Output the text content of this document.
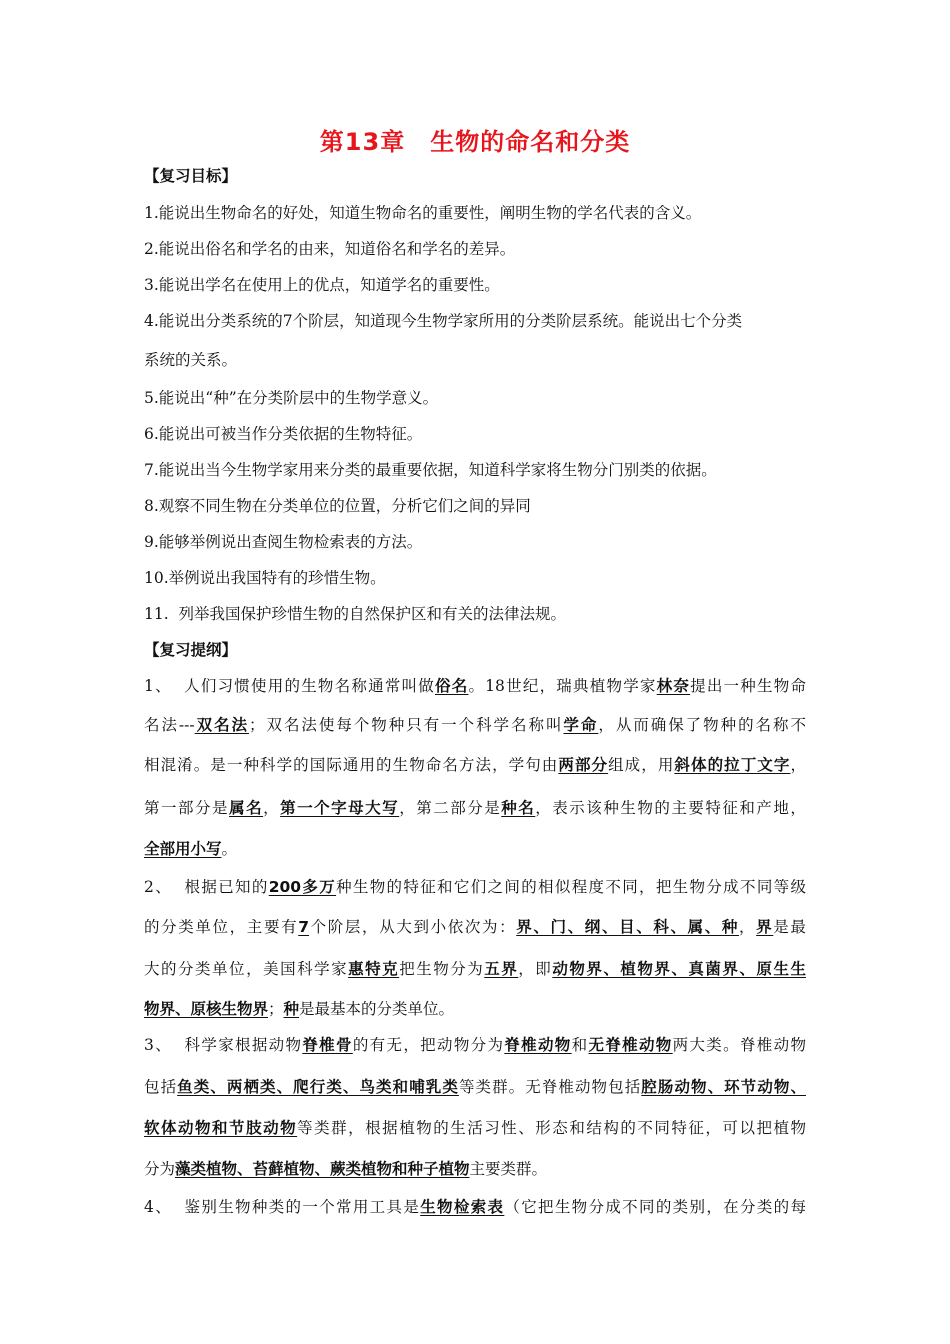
第13章　生物的命名和分类
【复习目标】
1.能说出生物命名的好处，知道生物命名的重要性，阐明生物的学名代表的含义。
2.能说出俗名和学名的由来，知道俗名和学名的差异。
3.能说出学名在使用上的优点，知道学名的重要性。
4.能说出分类系统的7个阶层，知道现今生物学家所用的分类阶层系统。能说出七个分类
系统的关系。
5.能说出“种”在分类阶层中的生物学意义。
6.能说出可被当作分类依据的生物特征。
7.能说出当今生物学家用来分类的最重要依据，知道科学家将生物分门别类的依据。
8.观察不同生物在分类单位的位置，分析它们之间的异同
9.能够举例说出查阅生物检索表的方法。
10.举例说出我国特有的珍惜生物。
11.  列举我国保护珍惜生物的自然保护区和有关的法律法规。
【复习提纲】
1、  人们习惯使用的生物名称通常叫做俗名。18世纪，瑞典植物学家林奈提出一种生物命
名法---双名法；双名法使每个物种只有一个科学名称叫学命，从而确保了物种的名称不
相混淆。是一种科学的国际通用的生物命名方法，学句由两部分组成，用斜体的拉丁文字，
第一部分是属名，第一个字母大写，第二部分是种名，表示该种生物的主要特征和产地，
全部用小写。
2、  根据已知的200多万种生物的特征和它们之间的相似程度不同，把生物分成不同等级
的分类单位，主要有7个阶层，从大到小依次为：界、门、纲、目、科、属、种，界是最
大的分类单位，美国科学家惠特克把生物分为五界，即动物界、植物界、真菌界、原生生
物界、原核生物界；种是最基本的分类单位。
3、  科学家根据动物脊椎骨的有无，把动物分为脊椎动物和无脊椎动物两大类。脊椎动物
包括鱼类、两栖类、爬行类、鸟类和哺乳类等类群。无脊椎动物包括腔肠动物、环节动物、
软体动物和节肢动物等类群，根据植物的生活习性、形态和结构的不同特征，可以把植物
分为藻类植物、苔藓植物、蕨类植物和种子植物主要类群。
4、  鉴别生物种类的一个常用工具是生物检索表（它把生物分成不同的类别，在分类的每
